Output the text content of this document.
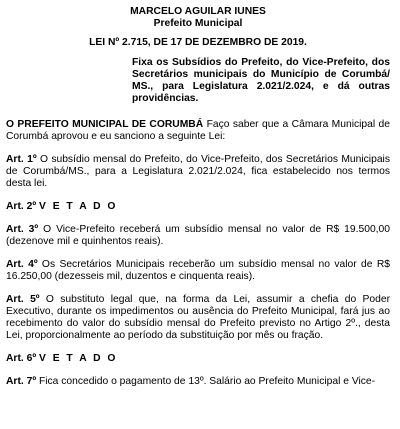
MARCELO AGUILAR IUNES
Prefeito Municipal
LEI Nº 2.715, DE 17 DE DEZEMBRO DE 2019.
Fixa os Subsídios do Prefeito, do Vice-Prefeito, dos Secretários municipais do Município de Corumbá/ MS., para Legislatura 2.021/2.024, e dá outras providências.

O PREFEITO MUNICIPAL DE CORUMBÁ Faço saber que a Câmara Municipal de Corumbá aprovou e eu sanciono a seguinte Lei:

Art. 1º O subsídio mensal do Prefeito, do Vice-Prefeito, dos Secretários Municipais de Corumbá/MS., para a Legislatura 2.021/2.024, fica estabelecido nos termos desta lei.

Art. 2º V E T A D O

Art. 3º O Vice-Prefeito receberá um subsídio mensal no valor de R$ 19.500,00 (dezenove mil e quinhentos reais).

Art. 4º Os Secretários Municipais receberão um subsídio mensal no valor de R$ 16.250,00 (dezesseis mil, duzentos e cinquenta reais).

Art. 5º O substituto legal que, na forma da Lei, assumir a chefia do Poder Executivo, durante os impedimentos ou ausência do Prefeito Municipal, fará jus ao recebimento do valor do subsídio mensal do Prefeito previsto no Artigo 2º., desta Lei, proporcionalmente ao período da substituição por mês ou fração.

Art. 6º V E T A D O

Art. 7º Fica concedido o pagamento de 13º. Salário ao Prefeito Municipal e Vice-
